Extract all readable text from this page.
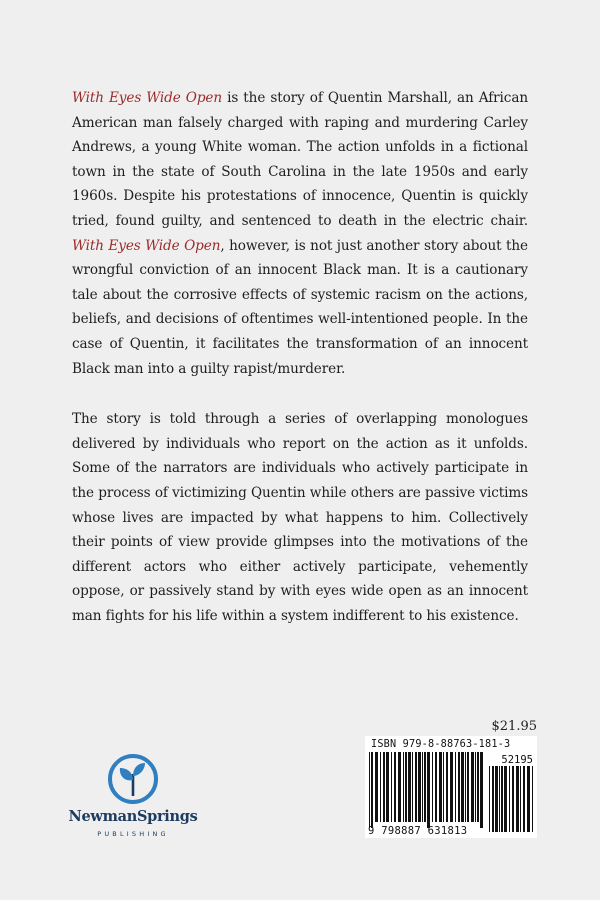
With Eyes Wide Open is the story of Quentin Marshall, an African American man falsely charged with raping and murdering Carley Andrews, a young White woman. The action unfolds in a fictional town in the state of South Carolina in the late 1950s and early 1960s. Despite his protestations of innocence, Quentin is quickly tried, found guilty, and sentenced to death in the electric chair. With Eyes Wide Open, however, is not just another story about the wrongful conviction of an innocent Black man. It is a cautionary tale about the corrosive effects of systemic racism on the actions, beliefs, and decisions of oftentimes well-intentioned people. In the case of Quentin, it facilitates the transformation of an innocent Black man into a guilty rapist/murderer.

The story is told through a series of overlapping monologues delivered by individuals who report on the action as it unfolds. Some of the narrators are individuals who actively participate in the process of victimizing Quentin while others are passive victims whose lives are impacted by what happens to him. Collectively their points of view provide glimpses into the motivations of the different actors who either actively participate, vehemently oppose, or passively stand by with eyes wide open as an innocent man fights for his life within a system indifferent to his existence.

$21.95
ISBN 979-8-88763-181-3
52195
9 798887 631813
NewmanSprings
PUBLISHING
